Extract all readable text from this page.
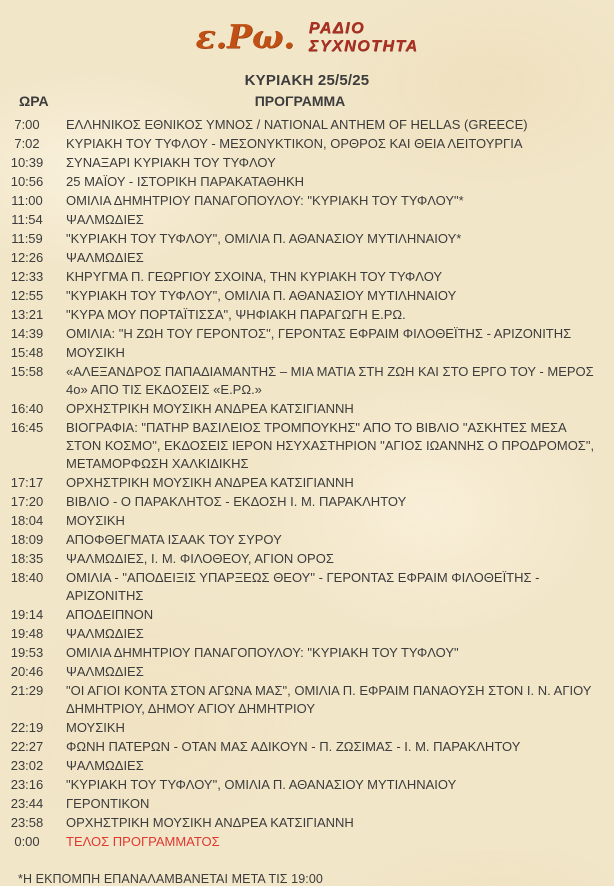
ε.Ρω. ΡΑΔΙΟ
ΣΥΧΝΟΤΗΤΑ
ΚΥΡΙΑΚΗ 25/5/25
ΩΡΑ	ΠΡΟΓΡΑΜΜΑ
7:00	ΕΛΛΗΝΙΚΟΣ ΕΘΝΙΚΟΣ ΥΜΝΟΣ / NATIONAL ANTHEM OF HELLAS (GREECE)
7:02	ΚΥΡΙΑΚΗ ΤΟΥ ΤΥΦΛΟΥ - ΜΕΣΟΝΥΚΤΙΚΟΝ, ΟΡΘΡΟΣ ΚΑΙ ΘΕΙΑ ΛΕΙΤΟΥΡΓΙΑ
10:39 ΣΥΝΑΞΑΡΙ ΚΥΡΙΑΚΗ ΤΟΥ ΤΥΦΛΟΥ
10:56 25 ΜΑΪΟΥ - ΙΣΤΟΡΙΚΗ ΠΑΡΑΚΑΤΑΘΗΚΗ
11:00 ΟΜΙΛΙΑ ΔΗΜΗΤΡΙΟΥ ΠΑΝΑΓΟΠΟΥΛΟΥ: "ΚΥΡΙΑΚΗ ΤΟΥ ΤΥΦΛΟΥ"*
11:54 ΨΑΛΜΩΔΙΕΣ
11:59 "ΚΥΡΙΑΚΗ ΤΟΥ ΤΥΦΛΟΥ", ΟΜΙΛΙΑ Π. ΑΘΑΝΑΣΙΟΥ ΜΥΤΙΛΗΝΑΙΟΥ*
12:26 ΨΑΛΜΩΔΙΕΣ
12:33 ΚΗΡΥΓΜΑ Π. ΓΕΩΡΓΙΟΥ ΣΧΟΙΝΑ, ΤΗΝ ΚΥΡΙΑΚΗ ΤΟΥ ΤΥΦΛΟΥ
12:55 "ΚΥΡΙΑΚΗ ΤΟΥ ΤΥΦΛΟΥ", ΟΜΙΛΙΑ Π. ΑΘΑΝΑΣΙΟΥ ΜΥΤΙΛΗΝΑΙΟΥ
13:21 "ΚΥΡΑ ΜΟΥ ΠΟΡΤΑΪΤΙΣΣΑ", ΨΗΦΙΑΚΗ ΠΑΡΑΓΩΓΗ Ε.ΡΩ.
14:39 ΟΜΙΛΙΑ: "Η ΖΩΗ ΤΟΥ ΓΕΡΟΝΤΟΣ", ΓΕΡΟΝΤΑΣ ΕΦΡΑΙΜ ΦΙΛΟΘΕΪΤΗΣ - ΑΡΙΖΟΝΙΤΗΣ
15:48 ΜΟΥΣΙΚΗ
15:58 «ΑΛΕΞΑΝΔΡΟΣ ΠΑΠΑΔΙΑΜΑΝΤΗΣ – ΜΙΑ ΜΑΤΙΑ ΣΤΗ ΖΩΗ ΚΑΙ ΣΤΟ ΕΡΓΟ ΤΟΥ - ΜΕΡΟΣ 4ο» ΑΠΟ ΤΙΣ ΕΚΔΟΣΕΙΣ «Ε.ΡΩ.»
16:40 ΟΡΧΗΣΤΡΙΚΗ ΜΟΥΣΙΚΗ ΑΝΔΡΕΑ ΚΑΤΣΙΓΙΑΝΝΗ
16:45 ΒΙΟΓΡΑΦΙΑ: "ΠΑΤΗΡ ΒΑΣΙΛΕΙΟΣ ΤΡΟΜΠΟΥΚΗΣ" ΑΠΟ ΤΟ ΒΙΒΛΙΟ "ΑΣΚΗΤΕΣ ΜΕΣΑ ΣΤΟΝ ΚΟΣΜΟ", ΕΚΔΟΣΕΙΣ ΙΕΡΟΝ ΗΣΥΧΑΣΤΗΡΙΟΝ "ΑΓΙΟΣ ΙΩΑΝΝΗΣ Ο ΠΡΟΔΡΟΜΟΣ", ΜΕΤΑΜΟΡΦΩΣΗ ΧΑΛΚΙΔΙΚΗΣ
17:17 ΟΡΧΗΣΤΡΙΚΗ ΜΟΥΣΙΚΗ ΑΝΔΡΕΑ ΚΑΤΣΙΓΙΑΝΝΗ
17:20 ΒΙΒΛΙΟ - Ο ΠΑΡΑΚΛΗΤΟΣ - ΕΚΔΟΣΗ Ι. Μ. ΠΑΡΑΚΛΗΤΟΥ
18:04 ΜΟΥΣΙΚΗ
18:09 ΑΠΟΦΘΕΓΜΑΤΑ ΙΣΑΑΚ ΤΟΥ ΣΥΡΟΥ
18:35 ΨΑΛΜΩΔΙΕΣ, Ι. Μ. ΦΙΛΟΘΕΟΥ, ΑΓΙΟΝ ΟΡΟΣ
18:40 ΟΜΙΛΙΑ - "ΑΠΟΔΕΙΞΙΣ ΥΠΑΡΞΕΩΣ ΘΕΟΥ" - ΓΕΡΟΝΤΑΣ ΕΦΡΑΙΜ ΦΙΛΟΘΕΪΤΗΣ - ΑΡΙΖΟΝΙΤΗΣ
19:14 ΑΠΟΔΕΙΠΝΟΝ
19:48 ΨΑΛΜΩΔΙΕΣ
19:53 ΟΜΙΛΙΑ ΔΗΜΗΤΡΙΟΥ ΠΑΝΑΓΟΠΟΥΛΟΥ: "ΚΥΡΙΑΚΗ ΤΟΥ ΤΥΦΛΟΥ"
20:46 ΨΑΛΜΩΔΙΕΣ
21:29 "ΟΙ ΑΓΙΟΙ ΚΟΝΤΑ ΣΤΟΝ ΑΓΩΝΑ ΜΑΣ", ΟΜΙΛΙΑ Π. ΕΦΡΑΙΜ ΠΑΝΑΟΥΣΗ ΣΤΟΝ Ι. Ν. ΑΓΙΟΥ ΔΗΜΗΤΡΙΟΥ, ΔΗΜΟΥ ΑΓΙΟΥ ΔΗΜΗΤΡΙΟΥ
22:19 ΜΟΥΣΙΚΗ
22:27 ΦΩΝΗ ΠΑΤΕΡΩΝ - ΟΤΑΝ ΜΑΣ ΑΔΙΚΟΥΝ - Π. ΖΩΣΙΜΑΣ - Ι. Μ. ΠΑΡΑΚΛΗΤΟΥ
23:02 ΨΑΛΜΩΔΙΕΣ
23:16 "ΚΥΡΙΑΚΗ ΤΟΥ ΤΥΦΛΟΥ", ΟΜΙΛΙΑ Π. ΑΘΑΝΑΣΙΟΥ ΜΥΤΙΛΗΝΑΙΟΥ
23:44 ΓΕΡΟΝΤΙΚΟΝ
23:58 ΟΡΧΗΣΤΡΙΚΗ ΜΟΥΣΙΚΗ ΑΝΔΡΕΑ ΚΑΤΣΙΓΙΑΝΝΗ
0:00	ΤΕΛΟΣ ΠΡΟΓΡΑΜΜΑΤΟΣ
*Η ΕΚΠΟΜΠΗ ΕΠΑΝΑΛΑΜΒΑΝΕΤΑΙ ΜΕΤΑ ΤΙΣ 19:00
